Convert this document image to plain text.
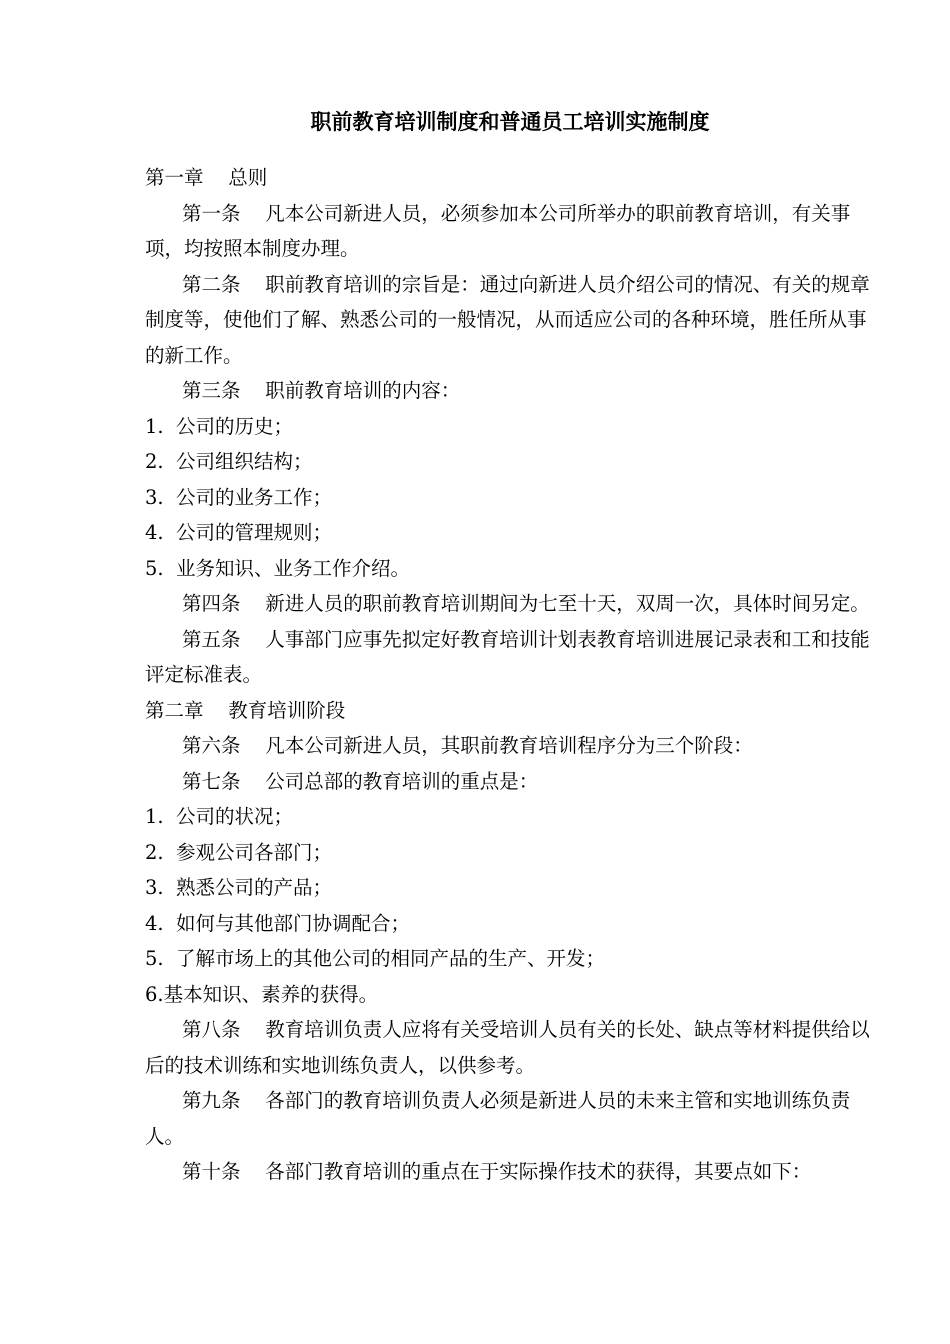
职前教育培训制度和普通员工培训实施制度

第一章    总则

第一条    凡本公司新进人员，必须参加本公司所举办的职前教育培训，有关事项，均按照本制度办理。

第二条    职前教育培训的宗旨是：通过向新进人员介绍公司的情况、有关的规章制度等，使他们了解、熟悉公司的一般情况，从而适应公司的各种环境，胜任所从事的新工作。

第三条    职前教育培训的内容：

1.  公司的历史；

2.  公司组织结构；

3.  公司的业务工作；

4.  公司的管理规则；

5.  业务知识、业务工作介绍。

第四条    新进人员的职前教育培训期间为七至十天，双周一次，具体时间另定。

第五条    人事部门应事先拟定好教育培训计划表教育培训进展记录表和工和技能评定标准表。

第二章    教育培训阶段

第六条    凡本公司新进人员，其职前教育培训程序分为三个阶段：

第七条    公司总部的教育培训的重点是：

1.  公司的状况；

2.  参观公司各部门；

3.  熟悉公司的产品；

4.  如何与其他部门协调配合；

5.  了解市场上的其他公司的相同产品的生产、开发；

6.基本知识、素养的获得。

第八条    教育培训负责人应将有关受培训人员有关的长处、缺点等材料提供给以后的技术训练和实地训练负责人，以供参考。

第九条    各部门的教育培训负责人必须是新进人员的未来主管和实地训练负责人。

第十条    各部门教育培训的重点在于实际操作技术的获得，其要点如下：
